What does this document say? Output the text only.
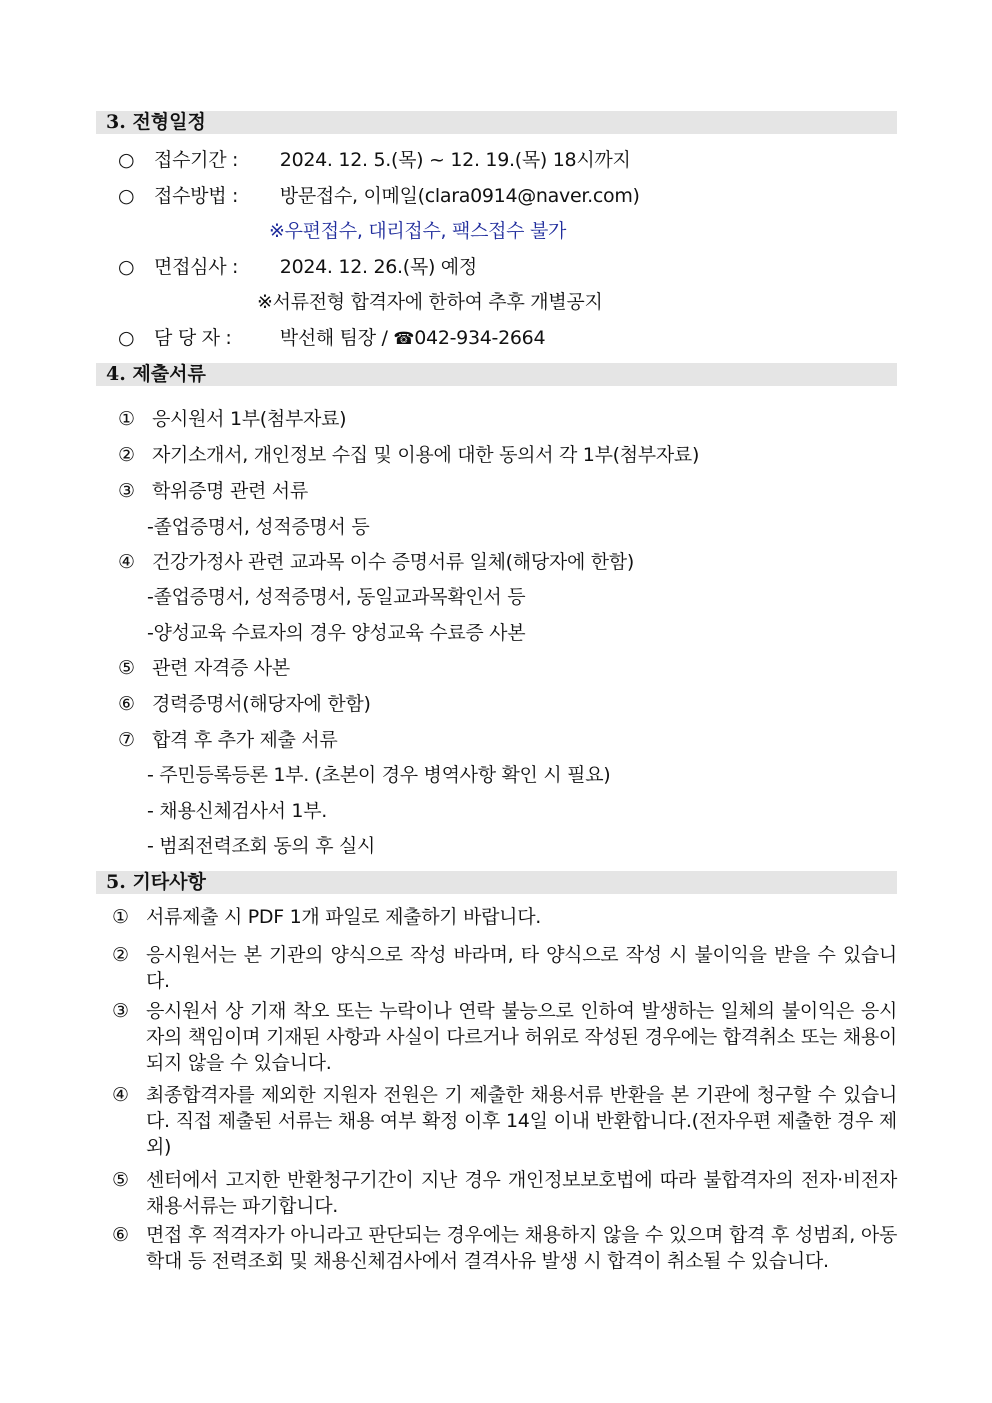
3. 전형일정
○ 접수기간 : 2024. 12. 5.(목) ~ 12. 19.(목) 18시까지
○ 접수방법 : 방문접수, 이메일(clara0914@naver.com)
※우편접수, 대리접수, 팩스접수 불가
○ 면접심사 : 2024. 12. 26.(목) 예정
※서류전형 합격자에 한하여 추후 개별공지
○ 담 당 자 :	박선해 팀장 / ☎042-934-2664
4. 제출서류
① 응시원서 1부(첨부자료)
② 자기소개서, 개인정보 수집 및 이용에 대한 동의서 각 1부(첨부자료)
③ 학위증명 관련 서류
-졸업증명서, 성적증명서 등
④ 건강가정사 관련 교과목 이수 증명서류 일체(해당자에 한함)
-졸업증명서, 성적증명서, 동일교과목확인서 등
-양성교육 수료자의 경우 양성교육 수료증 사본
⑤ 관련 자격증 사본
⑥ 경력증명서(해당자에 한함)
⑦ 합격 후 추가 제출 서류
- 주민등록등론 1부. (초본이 경우 병역사항 확인 시 필요)
- 채용신체검사서 1부.
- 범죄전력조회 동의 후 실시
5. 기타사항
① 서류제출 시 PDF 1개 파일로 제출하기 바랍니다.
② 응시원서는 본 기관의 양식으로 작성 바라며, 타 양식으로 작성 시 불이익을 받을 수 있습니다.
③ 응시원서 상 기재 착오 또는 누락이나 연락 불능으로 인하여 발생하는 일체의 불이익은 응시자의 책임이며 기재된 사항과 사실이 다르거나 허위로 작성된 경우에는 합격취소 또는 채용이 되지 않을 수 있습니다.
④ 최종합격자를 제외한 지원자 전원은 기 제출한 채용서류 반환을 본 기관에 청구할 수 있습니다. 직접 제출된 서류는 채용 여부 확정 이후 14일 이내 반환합니다.(전자우편 제출한 경우 제외)
⑤ 센터에서 고지한 반환청구기간이 지난 경우 개인정보보호법에 따라 불합격자의 전자·비전자 채용서류는 파기합니다.
⑥ 면접 후 적격자가 아니라고 판단되는 경우에는 채용하지 않을 수 있으며 합격 후 성범죄, 아동학대 등 전력조회 및 채용신체검사에서 결격사유 발생 시 합격이 취소될 수 있습니다.
